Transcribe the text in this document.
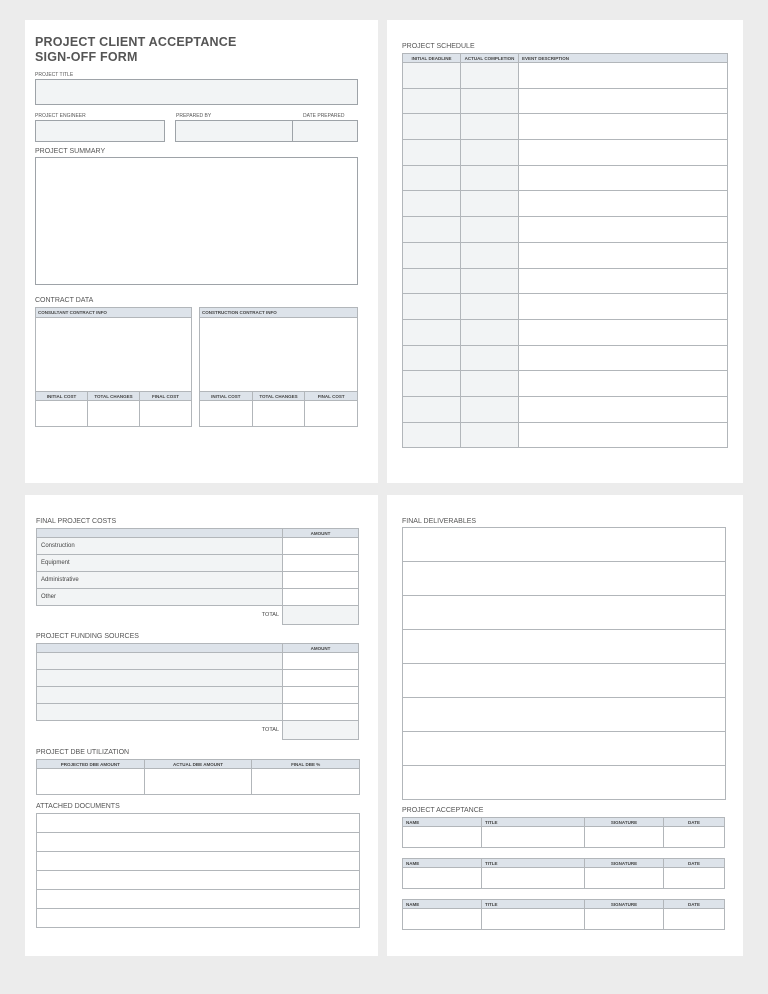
PROJECT CLIENT ACCEPTANCE
SIGN-OFF FORM
PROJECT TITLE
PROJECT ENGINEER	PREPARED BY	DATE PREPARED
PROJECT SUMMARY
CONTRACT DATA
CONSULTANT CONTRACT INFO		

INITIAL COST	TOTAL CHANGES	FINAL COST

CONSTRUCTION CONTRACT INFO		

INITIAL COST	TOTAL CHANGES	FINAL COST

PROJECT SCHEDULE
INITIAL DEADLINE	ACTUAL COMPLETION	EVENT DESCRIPTION

FINAL PROJECT COSTS
	AMOUNT
Construction	
Equipment	
Administrative	
Other	
TOTAL	
PROJECT FUNDING SOURCES
	AMOUNT

TOTAL	
PROJECT DBE UTILIZATION
PROJECTED DBE AMOUNT	ACTUAL DBE AMOUNT	FINAL DBE %

ATTACHED DOCUMENTS

FINAL DELIVERABLES

PROJECT ACCEPTANCE
NAME	TITLE	SIGNATURE	DATE

NAME	TITLE	SIGNATURE	DATE

NAME	TITLE	SIGNATURE	DATE
